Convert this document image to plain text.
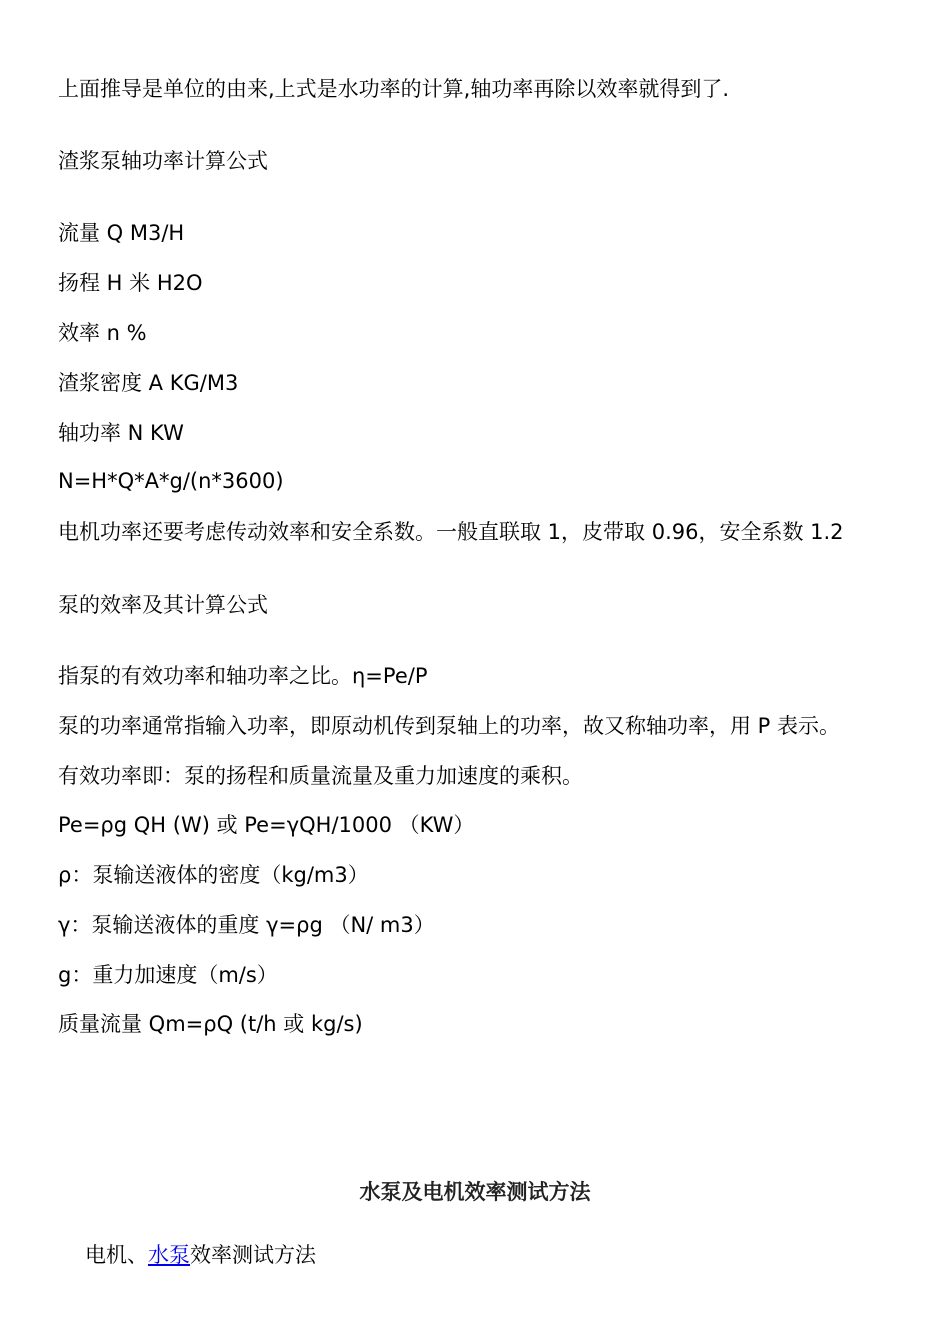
上面推导是单位的由来,上式是水功率的计算,轴功率再除以效率就得到了.

渣浆泵轴功率计算公式

流量 Q M3/H

扬程 H 米 H2O

效率 n %

渣浆密度 A KG/M3

轴功率 N KW

N=H*Q*A*g/(n*3600)

电机功率还要考虑传动效率和安全系数。一般直联取 1，皮带取 0.96，安全系数 1.2

泵的效率及其计算公式

指泵的有效功率和轴功率之比。η=Pe/P

泵的功率通常指输入功率，即原动机传到泵轴上的功率，故又称轴功率，用 P 表示。

有效功率即：泵的扬程和质量流量及重力加速度的乘积。

Pe=ρg QH (W) 或 Pe=γQH/1000 （KW）

ρ：泵输送液体的密度（kg/m3）

γ：泵输送液体的重度 γ=ρg （N/ m3）

g：重力加速度（m/s）

质量流量 Qm=ρQ (t/h 或 kg/s)

水泵及电机效率测试方法

电机、水泵效率测试方法
